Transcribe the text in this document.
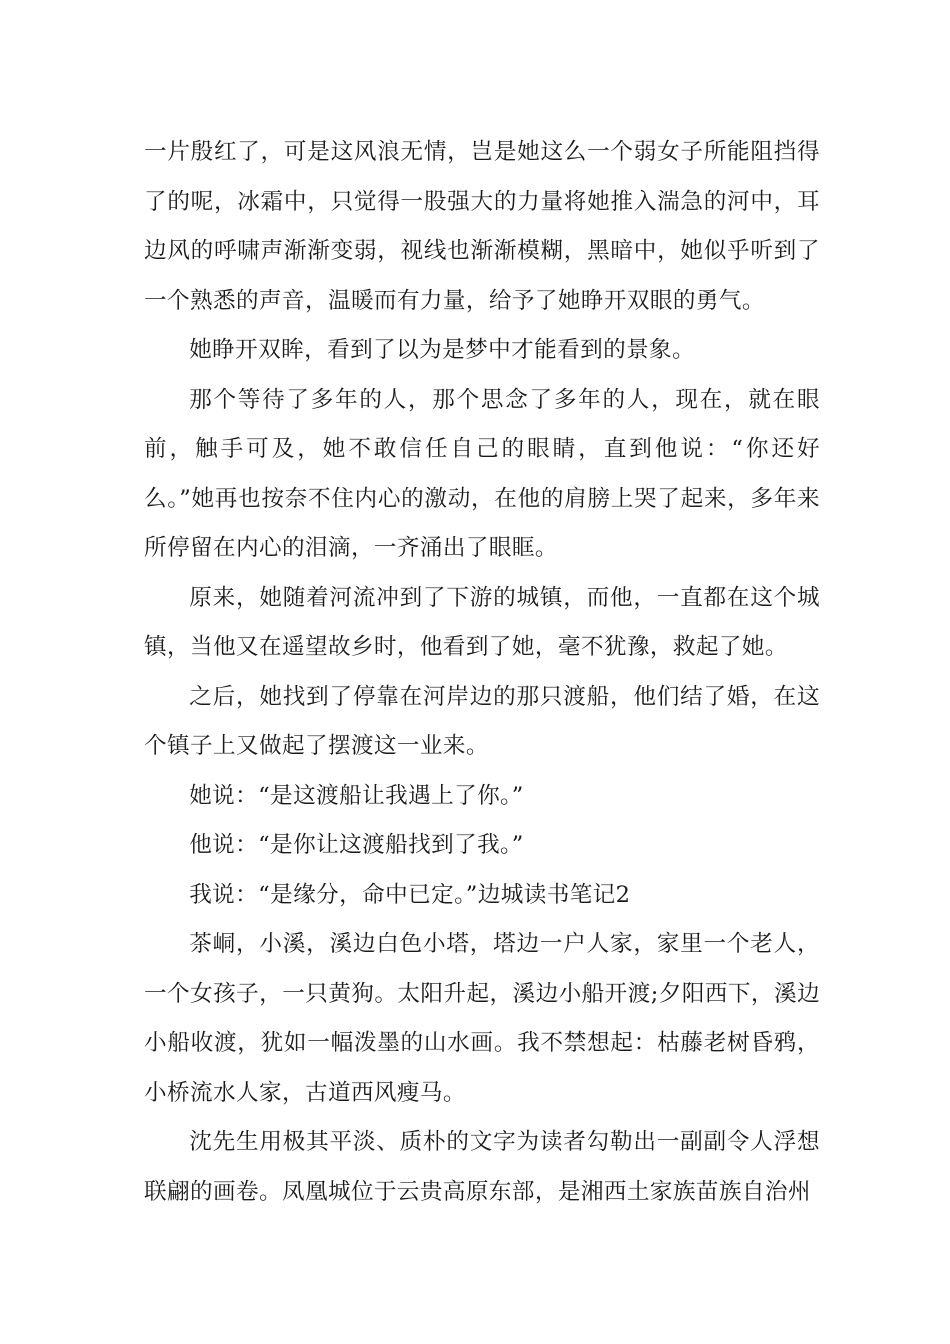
一片殷红了，可是这风浪无情，岂是她这么一个弱女子所能阻挡得了的呢，冰霜中，只觉得一股强大的力量将她推入湍急的河中，耳边风的呼啸声渐渐变弱，视线也渐渐模糊，黑暗中，她似乎听到了一个熟悉的声音，温暖而有力量，给予了她睁开双眼的勇气。

她睁开双眸，看到了以为是梦中才能看到的景象。

那个等待了多年的人，那个思念了多年的人，现在，就在眼前，触手可及，她不敢信任自己的眼睛，直到他说：“你还好么。”她再也按奈不住内心的激动，在他的肩膀上哭了起来，多年来所停留在内心的泪滴，一齐涌出了眼眶。

原来，她随着河流冲到了下游的城镇，而他，一直都在这个城镇，当他又在遥望故乡时，他看到了她，毫不犹豫，救起了她。

之后，她找到了停靠在河岸边的那只渡船，他们结了婚，在这个镇子上又做起了摆渡这一业来。

她说：“是这渡船让我遇上了你。”

他说：“是你让这渡船找到了我。”

我说：“是缘分，命中已定。”边城读书笔记2

茶峒，小溪，溪边白色小塔，塔边一户人家，家里一个老人，一个女孩子，一只黄狗。太阳升起，溪边小船开渡;夕阳西下，溪边小船收渡，犹如一幅泼墨的山水画。我不禁想起：枯藤老树昏鸦，小桥流水人家，古道西风瘦马。

沈先生用极其平淡、质朴的文字为读者勾勒出一副副令人浮想联翩的画卷。凤凰城位于云贵高原东部，是湘西土家族苗族自治州
